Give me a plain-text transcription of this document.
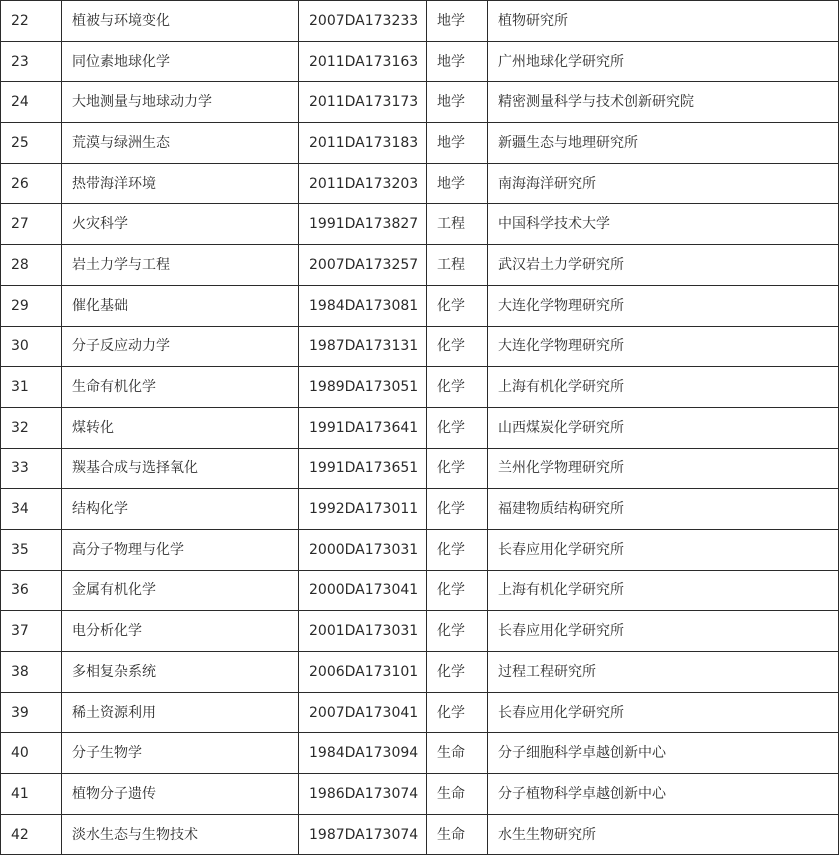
22	植被与环境变化	2007DA173233	地学	植物研究所
23	同位素地球化学	2011DA173163	地学	广州地球化学研究所
24	大地测量与地球动力学	2011DA173173	地学	精密测量科学与技术创新研究院
25	荒漠与绿洲生态	2011DA173183	地学	新疆生态与地理研究所
26	热带海洋环境	2011DA173203	地学	南海海洋研究所
27	火灾科学	1991DA173827	工程	中国科学技术大学
28	岩土力学与工程	2007DA173257	工程	武汉岩土力学研究所
29	催化基础	1984DA173081	化学	大连化学物理研究所
30	分子反应动力学	1987DA173131	化学	大连化学物理研究所
31	生命有机化学	1989DA173051	化学	上海有机化学研究所
32	煤转化	1991DA173641	化学	山西煤炭化学研究所
33	羰基合成与选择氧化	1991DA173651	化学	兰州化学物理研究所
34	结构化学	1992DA173011	化学	福建物质结构研究所
35	高分子物理与化学	2000DA173031	化学	长春应用化学研究所
36	金属有机化学	2000DA173041	化学	上海有机化学研究所
37	电分析化学	2001DA173031	化学	长春应用化学研究所
38	多相复杂系统	2006DA173101	化学	过程工程研究所
39	稀土资源利用	2007DA173041	化学	长春应用化学研究所
40	分子生物学	1984DA173094	生命	分子细胞科学卓越创新中心
41	植物分子遗传	1986DA173074	生命	分子植物科学卓越创新中心
42	淡水生态与生物技术	1987DA173074	生命	水生生物研究所
